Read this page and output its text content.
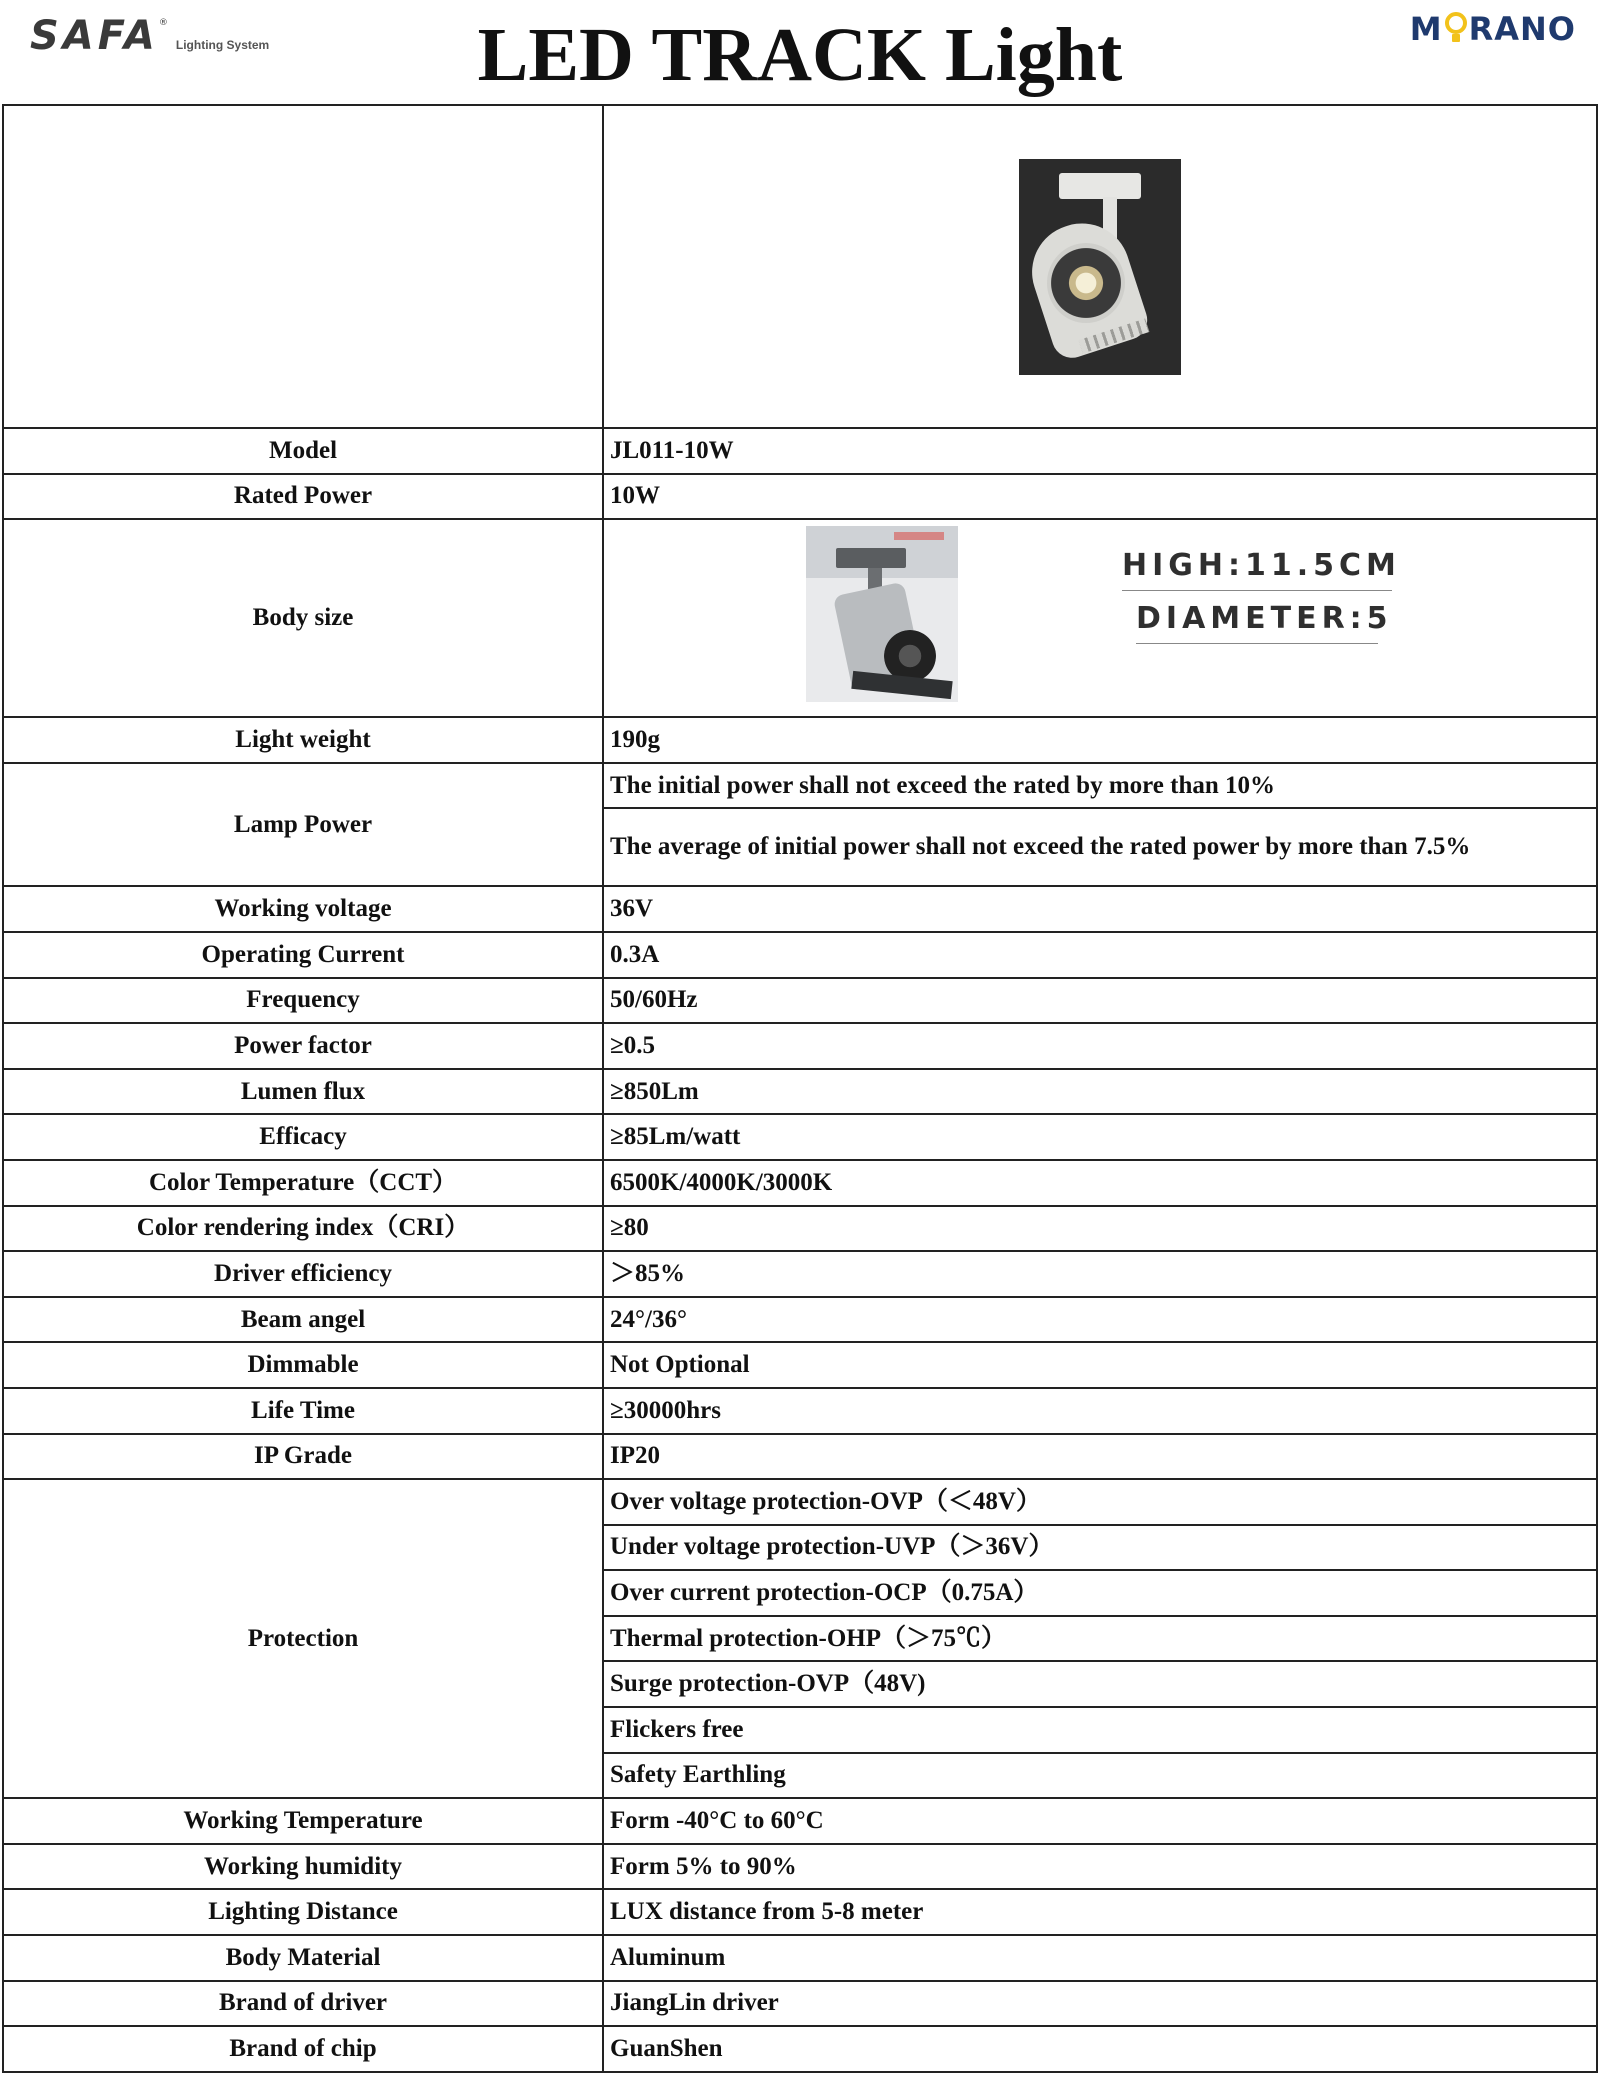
SAFA ®
Lighting System	LED TRACK Light	M RANO

Model	JL011-10W
Rated Power	10W
Body size	HIGH:11.5CM
DIAMETER:5

Light weight	190g
Lamp Power	The initial power shall not exceed the rated by more than 10%
	The average of initial power shall not exceed the rated power by more than 7.5%
Working voltage	36V
Operating Current	0.3A
Frequency	50/60Hz
Power factor	≥0.5
Lumen flux	≥850Lm
Efficacy	≥85Lm/watt
Color Temperature（CCT）	6500K/4000K/3000K
Color rendering index（CRI）	≥80
Driver efficiency	＞85%
Beam angel	24°/36°
Dimmable	Not Optional
Life Time	≥30000hrs
IP Grade	IP20
Protection	Over voltage protection-OVP（＜48V）
	Under voltage protection-UVP（＞36V）
	Over current protection-OCP（0.75A）
	Thermal protection-OHP（＞75℃）
	Surge protection-OVP（48V)
	Flickers free
	Safety Earthling
Working Temperature	Form -40°C to 60°C
Working humidity	Form 5% to 90%
Lighting Distance	LUX distance from 5-8 meter
Body Material	Aluminum
Brand of driver	JiangLin driver
Brand of chip	GuanShen
